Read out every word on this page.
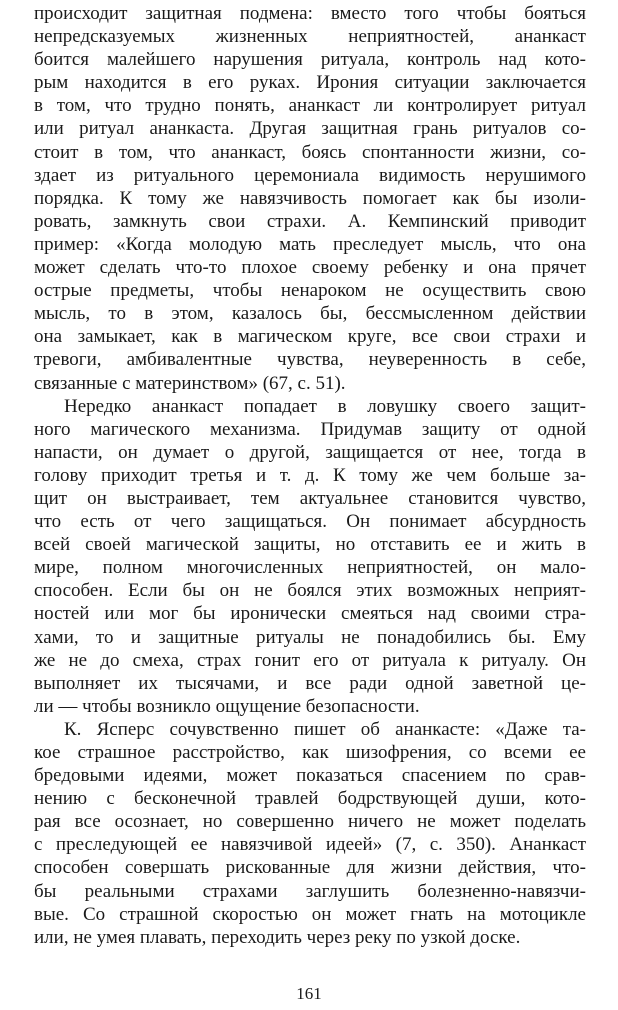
происходит защитная подмена: вместо того чтобы бояться
непредсказуемых жизненных неприятностей, ананкаст
боится малейшего нарушения ритуала, контроль над кото-
рым находится в его руках. Ирония ситуации заключается
в том, что трудно понять, ананкаст ли контролирует ритуал
или ритуал ананкаста. Другая защитная грань ритуалов со-
стоит в том, что ананкаст, боясь спонтанности жизни, со-
здает из ритуального церемониала видимость нерушимого
порядка. К тому же навязчивость помогает как бы изоли-
ровать, замкнуть свои страхи. А. Кемпинский приводит
пример: «Когда молодую мать преследует мысль, что она
может сделать что-то плохое своему ребенку и она прячет
острые предметы, чтобы ненароком не осуществить свою
мысль, то в этом, казалось бы, бессмысленном действии
она замыкает, как в магическом круге, все свои страхи и
тревоги, амбивалентные чувства, неуверенность в себе,
связанные с материнством» (67, с. 51).
Нередко ананкаст попадает в ловушку своего защит-
ного магического механизма. Придумав защиту от одной
напасти, он думает о другой, защищается от нее, тогда в
голову приходит третья и т. д. К тому же чем больше за-
щит он выстраивает, тем актуальнее становится чувство,
что есть от чего защищаться. Он понимает абсурдность
всей своей магической защиты, но отставить ее и жить в
мире, полном многочисленных неприятностей, он мало-
способен. Если бы он не боялся этих возможных неприят-
ностей или мог бы иронически смеяться над своими стра-
хами, то и защитные ритуалы не понадобились бы. Ему
же не до смеха, страх гонит его от ритуала к ритуалу. Он
выполняет их тысячами, и все ради одной заветной це-
ли — чтобы возникло ощущение безопасности.
К. Ясперс сочувственно пишет об ананкасте: «Даже та-
кое страшное расстройство, как шизофрения, со всеми ее
бредовыми идеями, может показаться спасением по срав-
нению с бесконечной травлей бодрствующей души, кото-
рая все осознает, но совершенно ничего не может поделать
с преследующей ее навязчивой идеей» (7, с. 350). Ананкаст
способен совершать рискованные для жизни действия, что-
бы реальными страхами заглушить болезненно-навязчи-
вые. Со страшной скоростью он может гнать на мотоцикле
или, не умея плавать, переходить через реку по узкой доске.
161
